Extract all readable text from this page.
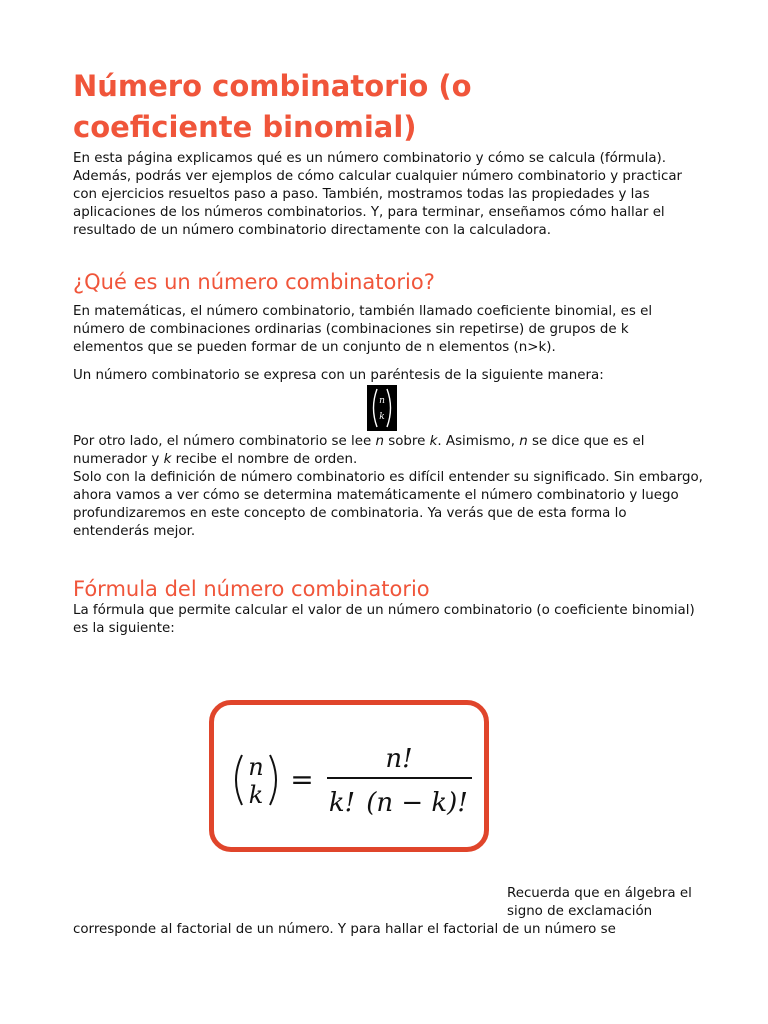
Número combinatorio (o coeficiente binomial)

En esta página explicamos qué es un número combinatorio y cómo se calcula (fórmula). Además, podrás ver ejemplos de cómo calcular cualquier número combinatorio y practicar con ejercicios resueltos paso a paso. También, mostramos todas las propiedades y las aplicaciones de los números combinatorios. Y, para terminar, enseñamos cómo hallar el resultado de un número combinatorio directamente con la calculadora.

¿Qué es un número combinatorio?

En matemáticas, el número combinatorio, también llamado coeficiente binomial, es el número de combinaciones ordinarias (combinaciones sin repetirse) de grupos de k elementos que se pueden formar de un conjunto de n elementos (n>k).

Un número combinatorio se expresa con un paréntesis de la siguiente manera:

n
k

Por otro lado, el número combinatorio se lee n sobre k. Asimismo, n se dice que es el numerador y k recibe el nombre de orden.

Solo con la definición de número combinatorio es difícil entender su significado. Sin embargo, ahora vamos a ver cómo se determina matemáticamente el número combinatorio y luego profundizaremos en este concepto de combinatoria. Ya verás que de esta forma lo entenderás mejor.

Fórmula del número combinatorio

La fórmula que permite calcular el valor de un número combinatorio (o coeficiente binomial) es la siguiente:

n
k =
n!
k! (n − k)!

Recuerda que en álgebra el signo de exclamación

corresponde al factorial de un número. Y para hallar el factorial de un número se
